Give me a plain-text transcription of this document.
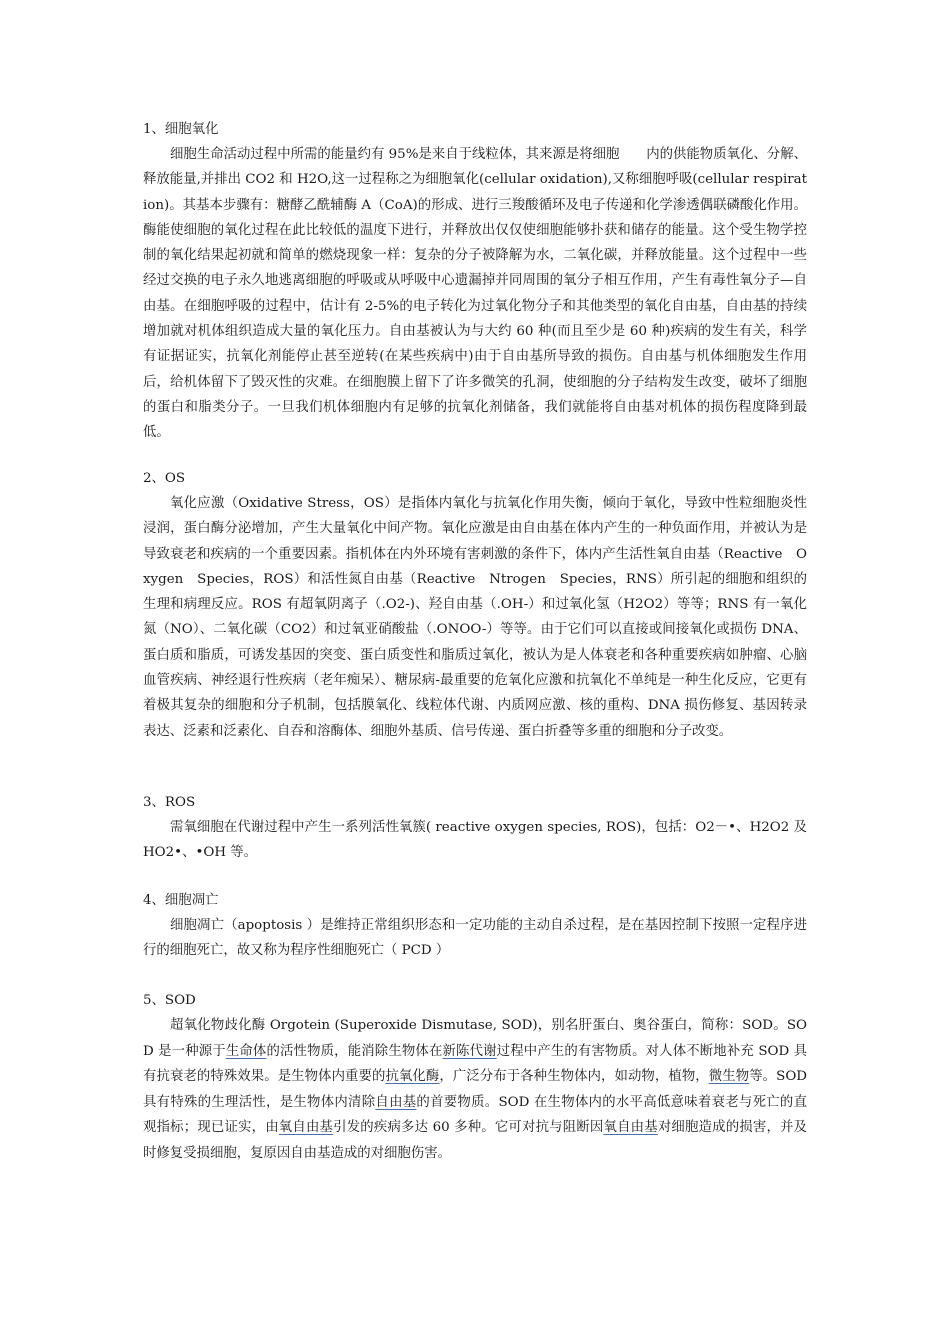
1、细胞氧化

细胞生命活动过程中所需的能量约有 95%是来自于线粒体，其来源是将细胞　　内的供能物质氧化、分解、释放能量,并排出 CO2 和 H2O,这一过程称之为细胞氧化(cellular oxidation),又称细胞呼吸(cellular respiration)。其基本步骤有：糖酵乙酰辅酶 A（CoA)的形成、进行三羧酸循环及电子传递和化学渗透偶联磷酸化作用。酶能使细胞的氧化过程在此比较低的温度下进行，并释放出仅仅使细胞能够扑获和储存的能量。这个受生物学控制的氧化结果起初就和简单的燃烧现象一样：复杂的分子被降解为水，二氧化碳，并释放能量。这个过程中一些经过交换的电子永久地逃离细胞的呼吸或从呼吸中心遗漏掉并同周围的氧分子相互作用，产生有毒性氧分子—自由基。在细胞呼吸的过程中，估计有 2-5%的电子转化为过氧化物分子和其他类型的氧化自由基，自由基的持续增加就对机体组织造成大量的氧化压力。自由基被认为与大约 60 种(而且至少是 60 种)疾病的发生有关，科学有证据证实，抗氧化剂能停止甚至逆转(在某些疾病中)由于自由基所导致的损伤。自由基与机体细胞发生作用后，给机体留下了毁灭性的灾难。在细胞膜上留下了许多微笑的孔洞，使细胞的分子结构发生改变，破坏了细胞的蛋白和脂类分子。一旦我们机体细胞内有足够的抗氧化剂储备，我们就能将自由基对机体的损伤程度降到最低。

2、OS

氧化应激（Oxidative Stress，OS）是指体内氧化与抗氧化作用失衡，倾向于氧化，导致中性粒细胞炎性浸润，蛋白酶分泌增加，产生大量氧化中间产物。氧化应激是由自由基在体内产生的一种负面作用，并被认为是导致衰老和疾病的一个重要因素。指机体在内外环境有害刺激的条件下，体内产生活性氧自由基（Reactive　Oxygen　Species，ROS）和活性氮自由基（Reactive　Ntrogen　Species，RNS）所引起的细胞和组织的生理和病理反应。ROS 有超氧阴离子（.O2-)、羟自由基（.OH-）和过氧化氢（H2O2）等等；RNS 有一氧化氮（NO）、二氧化碳（CO2）和过氧亚硝酸盐（.ONOO-）等等。由于它们可以直接或间接氧化或损伤 DNA、蛋白质和脂质，可诱发基因的突变、蛋白质变性和脂质过氧化，被认为是人体衰老和各种重要疾病如肿瘤、心脑血管疾病、神经退行性疾病（老年痴呆）、糖尿病-最重要的危氧化应激和抗氧化不单纯是一种生化反应，它更有着极其复杂的细胞和分子机制，包括膜氧化、线粒体代谢、内质网应激、核的重构、DNA 损伤修复、基因转录表达、泛素和泛素化、自吞和溶酶体、细胞外基质、信号传递、蛋白折叠等多重的细胞和分子改变。

3、ROS

需氧细胞在代谢过程中产生一系列活性氧簇( reactive oxygen species, ROS)，包括：O2－•、H2O2 及 HO2•、•OH 等。

4、细胞凋亡

细胞凋亡（apoptosis ）是维持正常组织形态和一定功能的主动自杀过程，是在基因控制下按照一定程序进行的细胞死亡，故又称为程序性细胞死亡（ PCD ）

5、SOD

超氧化物歧化酶 Orgotein (Superoxide Dismutase, SOD)，别名肝蛋白、奥谷蛋白，简称：SOD。SOD 是一种源于生命体的活性物质，能消除生物体在新陈代谢过程中产生的有害物质。对人体不断地补充 SOD 具有抗衰老的特殊效果。是生物体内重要的抗氧化酶，广泛分布于各种生物体内，如动物，植物，微生物等。SOD 具有特殊的生理活性，是生物体内清除自由基的首要物质。SOD 在生物体内的水平高低意味着衰老与死亡的直观指标；现已证实，由氧自由基引发的疾病多达 60 多种。它可对抗与阻断因氧自由基对细胞造成的损害，并及时修复受损细胞，复原因自由基造成的对细胞伤害。
